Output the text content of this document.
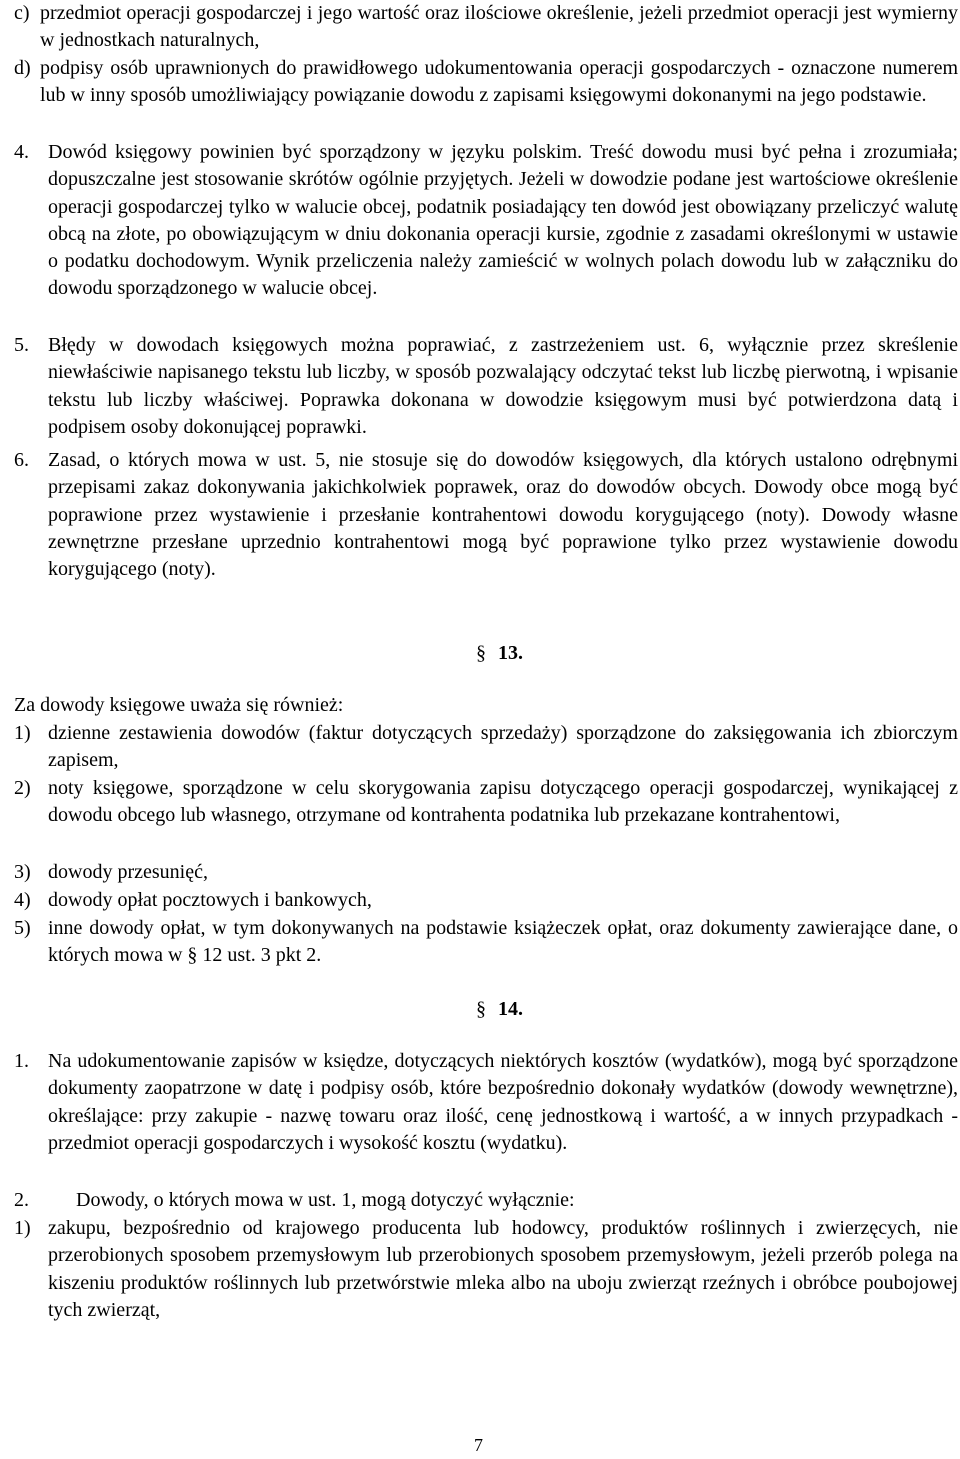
c) przedmiot operacji gospodarczej i jego wartość oraz ilościowe określenie, jeżeli przedmiot operacji jest wymierny w jednostkach naturalnych,

d) podpisy osób uprawnionych do prawidłowego udokumentowania operacji gospodarczych - oznaczone numerem lub w inny sposób umożliwiający powiązanie dowodu z zapisami księgowymi dokonanymi na jego podstawie.

4. Dowód księgowy powinien być sporządzony w języku polskim. Treść dowodu musi być pełna i zrozumiała; dopuszczalne jest stosowanie skrótów ogólnie przyjętych. Jeżeli w dowodzie podane jest wartościowe określenie operacji gospodarczej tylko w walucie obcej, podatnik posiadający ten dowód jest obowiązany przeliczyć walutę obcą na złote, po obowiązującym w dniu dokonania operacji kursie, zgodnie z zasadami określonymi w ustawie o podatku dochodowym. Wynik przeliczenia należy zamieścić w wolnych polach dowodu lub w załączniku do dowodu sporządzonego w walucie obcej.

5. Błędy w dowodach księgowych można poprawiać, z zastrzeżeniem ust. 6, wyłącznie przez skreślenie niewłaściwie napisanego tekstu lub liczby, w sposób pozwalający odczytać tekst lub liczbę pierwotną, i wpisanie tekstu lub liczby właściwej. Poprawka dokonana w dowodzie księgowym musi być potwierdzona datą i podpisem osoby dokonującej poprawki.

6. Zasad, o których mowa w ust. 5, nie stosuje się do dowodów księgowych, dla których ustalono odrębnymi przepisami zakaz dokonywania jakichkolwiek poprawek, oraz do dowodów obcych. Dowody obce mogą być poprawione przez wystawienie i przesłanie kontrahentowi dowodu korygującego (noty). Dowody własne zewnętrzne przesłane uprzednio kontrahentowi mogą być poprawione tylko przez wystawienie dowodu korygującego (noty).

§ 13.
Za dowody księgowe uważa się również:
1) dzienne zestawienia dowodów (faktur dotyczących sprzedaży) sporządzone do zaksięgowania ich zbiorczym zapisem,

2) noty księgowe, sporządzone w celu skorygowania zapisu dotyczącego operacji gospodarczej, wynikającej z dowodu obcego lub własnego, otrzymane od kontrahenta podatnika lub przekazane kontrahentowi,

3) dowody przesunięć,

4) dowody opłat pocztowych i bankowych,

5) inne dowody opłat, w tym dokonywanych na podstawie książeczek opłat, oraz dokumenty zawierające dane, o których mowa w § 12 ust. 3 pkt 2.

§ 14.
1. Na udokumentowanie zapisów w księdze, dotyczących niektórych kosztów (wydatków), mogą być sporządzone dokumenty zaopatrzone w datę i podpisy osób, które bezpośrednio dokonały wydatków (dowody wewnętrzne), określające: przy zakupie - nazwę towaru oraz ilość, cenę jednostkową i wartość, a w innych przypadkach - przedmiot operacji gospodarczych i wysokość kosztu (wydatku).

2. Dowody, o których mowa w ust. 1, mogą dotyczyć wyłącznie:
1) zakupu, bezpośrednio od krajowego producenta lub hodowcy, produktów roślinnych i zwierzęcych, nie przerobionych sposobem przemysłowym lub przerobionych sposobem przemysłowym, jeżeli przerób polega na kiszeniu produktów roślinnych lub przetwórstwie mleka albo na uboju zwierząt rzeźnych i obróbce poubojowej tych zwierząt,

7
